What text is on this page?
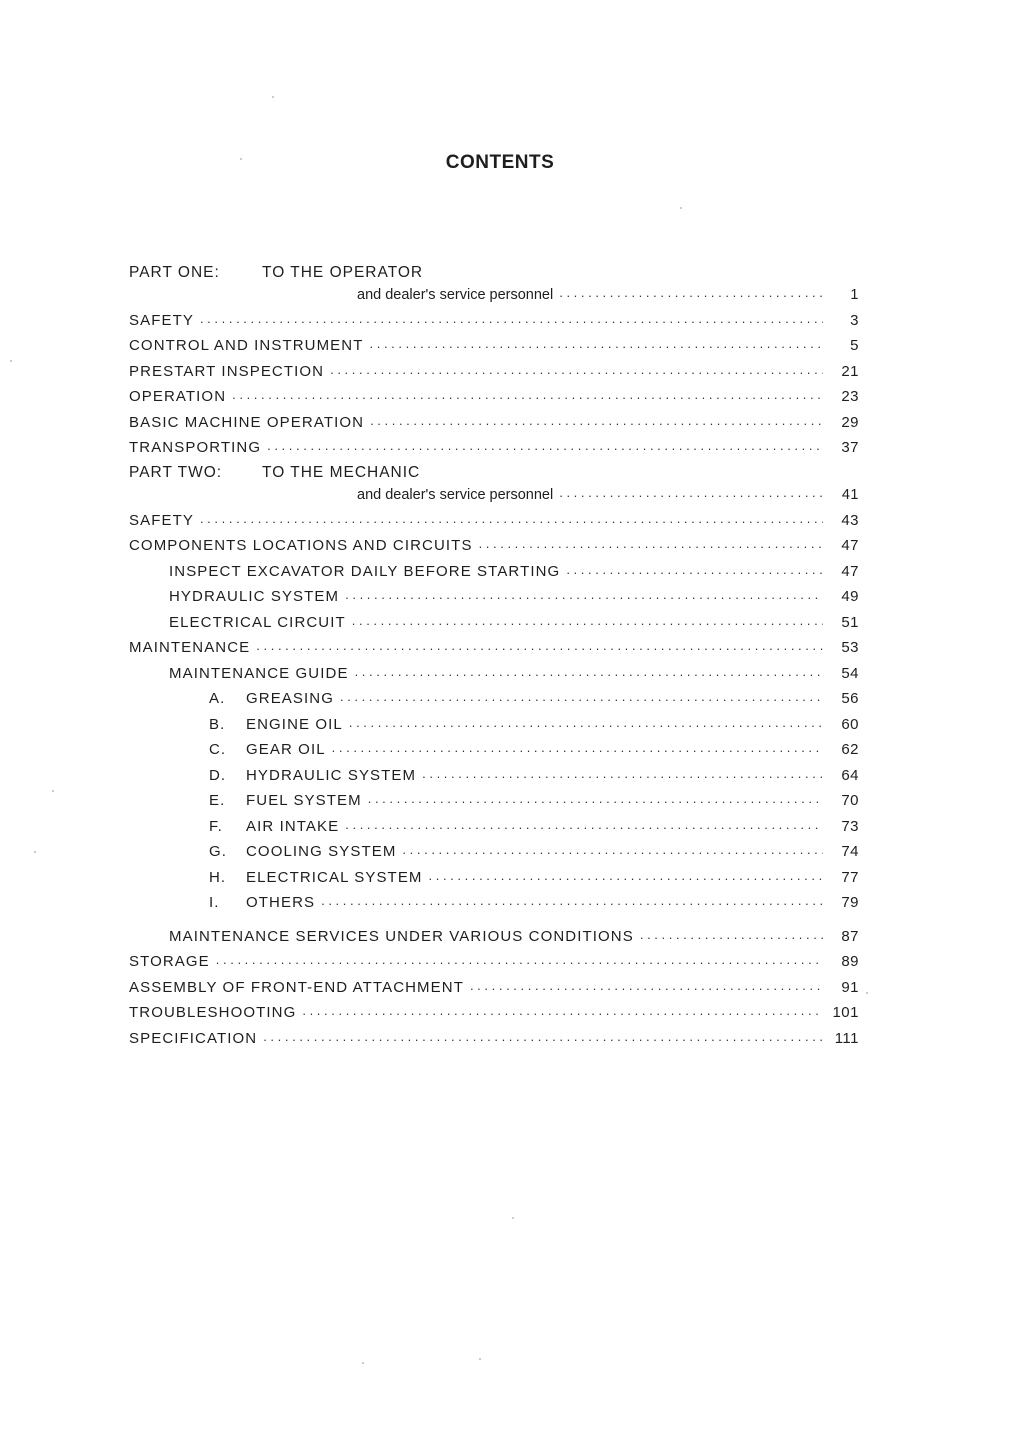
CONTENTS
PART ONE:	TO THE OPERATOR
and dealer's service personnel . . .	1
SAFETY . . .	3
CONTROL AND INSTRUMENT . . .	5
PRESTART INSPECTION . . .	21
OPERATION . . .	23
BASIC MACHINE OPERATION . . .	29
TRANSPORTING . . .	37
PART TWO:	TO THE MECHANIC
and dealer's service personnel . . .	41
SAFETY . . .	43
COMPONENTS LOCATIONS AND CIRCUITS . . .	47
INSPECT EXCAVATOR DAILY BEFORE STARTING . . .	47
HYDRAULIC SYSTEM . . .	49
ELECTRICAL CIRCUIT . . .	51
MAINTENANCE . . .	53
MAINTENANCE GUIDE . . .	54
A. GREASING . . .	56
B. ENGINE OIL . . .	60
C. GEAR OIL . . .	62
D. HYDRAULIC SYSTEM . . .	64
E. FUEL SYSTEM . . .	70
F. AIR INTAKE . . .	73
G. COOLING SYSTEM . . .	74
H. ELECTRICAL SYSTEM . . .	77
I. OTHERS . . .	79
MAINTENANCE SERVICES UNDER VARIOUS CONDITIONS . . .	87
STORAGE . . .	89
ASSEMBLY OF FRONT-END ATTACHMENT . . .	91
TROUBLESHOOTING . . .	101
SPECIFICATION . . .	111
